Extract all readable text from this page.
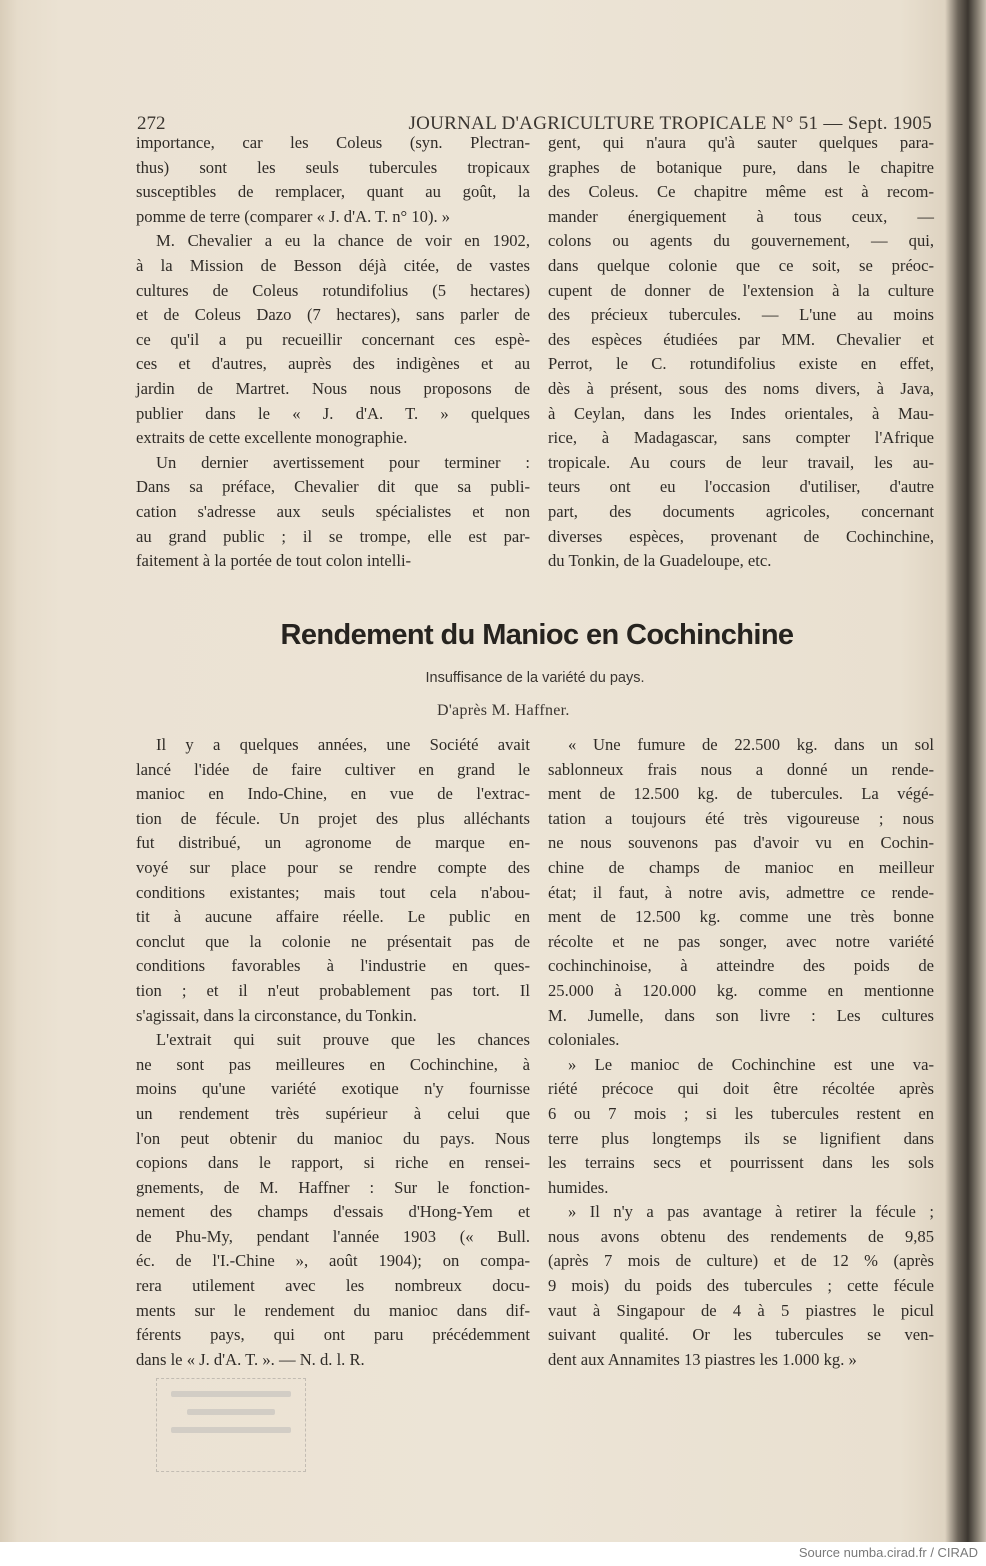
272	JOURNAL D'AGRICULTURE TROPICALE N° 51 — Sept. 1905
importance, car les Coleus (syn. Plectran-
thus) sont les seuls tubercules tropicaux
susceptibles de remplacer, quant au goût, la
pomme de terre (comparer « J. d'A. T. n° 10). »
M. Chevalier a eu la chance de voir en 1902,
à la Mission de Besson déjà citée, de vastes
cultures de Coleus rotundifolius (5 hectares)
et de Coleus Dazo (7 hectares), sans parler de
ce qu'il a pu recueillir concernant ces espè-
ces et d'autres, auprès des indigènes et au
jardin de Martret. Nous nous proposons de
publier dans le « J. d'A. T. » quelques
extraits de cette excellente monographie.
Un dernier avertissement pour terminer :
Dans sa préface, Chevalier dit que sa publi-
cation s'adresse aux seuls spécialistes et non
au grand public ; il se trompe, elle est par-
faitement à la portée de tout colon intelli-
gent, qui n'aura qu'à sauter quelques para-
graphes de botanique pure, dans le chapitre
des Coleus. Ce chapitre même est à recom-
mander énergiquement à tous ceux, —
colons ou agents du gouvernement, — qui,
dans quelque colonie que ce soit, se préoc-
cupent de donner de l'extension à la culture
des précieux tubercules. — L'une au moins
des espèces étudiées par MM. Chevalier et
Perrot, le C. rotundifolius existe en effet,
dès à présent, sous des noms divers, à Java,
à Ceylan, dans les Indes orientales, à Mau-
rice, à Madagascar, sans compter l'Afrique
tropicale. Au cours de leur travail, les au-
teurs ont eu l'occasion d'utiliser, d'autre
part, des documents agricoles, concernant
diverses espèces, provenant de Cochinchine,
du Tonkin, de la Guadeloupe, etc.
Rendement du Manioc en Cochinchine
Insuffisance de la variété du pays.
D'après M. Haffner.
Il y a quelques années, une Société avait
lancé l'idée de faire cultiver en grand le
manioc en Indo-Chine, en vue de l'extrac-
tion de fécule. Un projet des plus alléchants
fut distribué, un agronome de marque en-
voyé sur place pour se rendre compte des
conditions existantes; mais tout cela n'abou-
tit à aucune affaire réelle. Le public en
conclut que la colonie ne présentait pas de
conditions favorables à l'industrie en ques-
tion ; et il n'eut probablement pas tort. Il
s'agissait, dans la circonstance, du Tonkin.
L'extrait qui suit prouve que les chances
ne sont pas meilleures en Cochinchine, à
moins qu'une variété exotique n'y fournisse
un rendement très supérieur à celui que
l'on peut obtenir du manioc du pays. Nous
copions dans le rapport, si riche en rensei-
gnements, de M. Haffner : Sur le fonction-
nement des champs d'essais d'Hong-Yem et
de Phu-My, pendant l'année 1903 (« Bull.
éc. de l'I.-Chine », août 1904); on compa-
rera utilement avec les nombreux docu-
ments sur le rendement du manioc dans dif-
férents pays, qui ont paru précédemment
dans le « J. d'A. T. ». — N. d. l. R.
« Une fumure de 22.500 kg. dans un sol
sablonneux frais nous a donné un rende-
ment de 12.500 kg. de tubercules. La végé-
tation a toujours été très vigoureuse ; nous
ne nous souvenons pas d'avoir vu en Cochin-
chine de champs de manioc en meilleur
état; il faut, à notre avis, admettre ce rende-
ment de 12.500 kg. comme une très bonne
récolte et ne pas songer, avec notre variété
cochinchinoise, à atteindre des poids de
25.000 à 120.000 kg. comme en mentionne
M. Jumelle, dans son livre : Les cultures
coloniales.
» Le manioc de Cochinchine est une va-
riété précoce qui doit être récoltée après
6 ou 7 mois ; si les tubercules restent en
terre plus longtemps ils se lignifient dans
les terrains secs et pourrissent dans les sols
humides.
» Il n'y a pas avantage à retirer la fécule ;
nous avons obtenu des rendements de 9,85
(après 7 mois de culture) et de 12 % (après
9 mois) du poids des tubercules ; cette fécule
vaut à Singapour de 4 à 5 piastres le picul
suivant qualité. Or les tubercules se ven-
dent aux Annamites 13 piastres les 1.000 kg. »
Source numba.cirad.fr / CIRAD
